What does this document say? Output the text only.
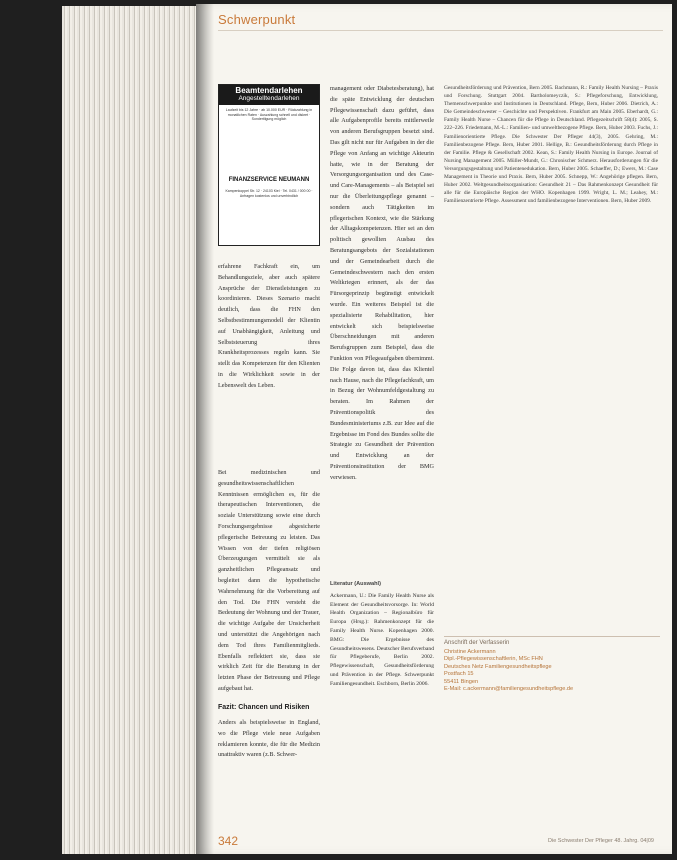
Schwerpunkt
Beamtendarlehen
Angestelltendarlehen
Laufzeit bis 12 Jahre · ab 10.000 EUR · Rückzahlung in monatlichen Raten · Auszahlung schnell und diskret · Sondertilgung möglich
FINANZSERVICE NEUMANN
Kampenkoppel Str. 12 · 24103 Kiel · Tel. 0431 / 000 00 · Anfragen kostenlos und unverbindlich
erfahrene Fachkraft ein, um Behandlungsziele, aber auch spätere Ansprüche der Dienstleistungen zu koordinieren. Dieses Szenario macht deutlich, dass die FHN den Selbstbestimmungsmodell der Klientin auf Unabhängigkeit, Anleitung und Selbststeuerung ihres Krankheitsprozesses regeln kann. Sie stellt das Kompetenzen für den Klienten in die Wirklichkeit sowie in der Lebenswelt des Leben.
Bei medizinischen und gesundheitswissenschaftlichen Kenntnissen ermöglichen es, für die therapeutischen Interventionen, die soziale Unterstützung sowie eine durch Forschungsergebnisse abgesicherte pflegerische Betreuung zu leisten. Das Wissen von der tiefen religiösen Überzeugungen vermittelt sie als ganzheitlichen Pflegeansatz und begleitet dann die hypothetische Wahrnehmung für die Vorbereitung auf den Tod. Die FHN versteht die Bedeutung der Wohnung und der Trauer, die wichtige Aufgabe der Unsicherheit und unterstützt die Angehörigen nach dem Tod ihres Familienmitglieds. Ebenfalls reflektiert sie, dass sie wirklich Zeit für die Beratung in der letzten Phase der Betreuung und Pflege aufgebaut hat.
Fazit: Chancen und Risiken
Anders als beispielsweise in England, wo die Pflege viele neue Aufgaben reklamieren konnte, die für die Medizin unattraktiv waren (z.B. Schwer-
management oder Diabetesberatung), hat die späte Entwicklung der deutschen Pflegewissenschaft dazu geführt, dass alle Aufgabenprofile bereits mittlerweile von anderen Berufsgruppen besetzt sind. Das gilt nicht nur für Aufgaben in der die Pflege von Anfang an wichtige Akteurin hatte, wie in der Beratung der Versorgungsorganisation und des Case- und Care-Managements – als Beispiel sei nur die Überleitungspflege genannt – sondern auch Tätigkeiten im pflegerischen Kontext, wie die Stärkung der Alltagskompetenzen. Hier sei an den politisch gewollten Ausbau des Beratungsangebots der Sozialstationen und der Gemeindearbeit durch die Gemeindeschwestern nach den ersten Weltkriegen erinnert, als der das Fürsorgeprinzip begünstigt entwickelt wurde. Ein weiteres Beispiel ist die spezialisierte Rehabilitation, hier entwickelt sich beispielsweise Überschneidungen mit anderen Berufsgruppen zum Beispiel, dass die Funktion von Pflegeaufgaben übernimmt. Die Folge davon ist, dass das Klientel nach Hause, nach die Pflegefachkraft, um in Bezug der Wohnumfeldgestaltung zu beraten. Im Rahmen der Präventionspolitik des Bundesministeriums z.B. zur Idee auf die Ergebnisse im Fond des Bundes sollte die Strategie zu Gesundheit der Prävention und Entwicklung an der Präventionsinstitution der BMG verwiesen.
Literatur (Auswahl)
Ackermann, U.: Die Family Health Nurse als Element der Gesundheitsvorsorge. In: World Health Organization – Regionalbüro für Europa (Hrsg.): Rahmenkonzept für die Family Health Nurse. Kopenhagen 2000. BMG: Die Ergebnisse des Gesundheitswesens. Deutscher Berufsverband für Pflegeberufe, Berlin 2002. Pflegewissenschaft, Gesundheitsförderung und Prävention in der Pflege. Schwerpunkt Familiengesundheit. Eschborn, Berlin 2006.
Gesundheitsförderung und Prävention, Bern 2005. Bachmann, R.: Family Health Nursing – Praxis und Forschung. Stuttgart 2004. Bartholomeyczik, S.: Pflegeforschung, Entwicklung, Themenschwerpunkte und Institutionen in Deutschland. Pflege, Bern, Huber 2006. Dietrich, A.: Die Gemeindeschwester – Geschichte und Perspektiven. Frankfurt am Main 2005. Eberhardt, G.: Family Health Nurse – Chancen für die Pflege in Deutschland. Pflegezeitschrift 58(4): 2005, S. 222–226. Friedemann, M.-L.: Familien- und umweltbezogene Pflege. Bern, Huber 2003. Fuchs, J.: Familienorientierte Pflege. Die Schwester Der Pfleger 44(3), 2005. Gehring, M.: Familienbezogene Pflege. Bern, Huber 2001. Hellige, B.: Gesundheitsförderung durch Pflege in der Familie. Pflege & Gesellschaft 2002. Kean, S.: Family Health Nursing in Europe. Journal of Nursing Management 2005. Müller-Mundt, G.: Chronischer Schmerz. Herausforderungen für die Versorgungsgestaltung und Patientenedukation. Bern, Huber 2005. Schaeffer, D.; Ewers, M.: Case Management in Theorie und Praxis. Bern, Huber 2005. Schnepp, W.: Angehörige pflegen. Bern, Huber 2002. Weltgesundheitsorganisation: Gesundheit 21 – Das Rahmenkonzept Gesundheit für alle für die Europäische Region der WHO. Kopenhagen 1999. Wright, L. M.; Leahey, M.: Familienzentrierte Pflege. Assessment und familienbezogene Interventionen. Bern, Huber 2009.
Anschrift der Verfasserin
Christine Ackermann
Dipl.-Pflegewissenschaftlerin, MSc FHN
Deutsches Netz Familiengesundheitspflege
Postfach 15
55411 Bingen
E-Mail: c.ackermann@familiengesundheitspflege.de
342	Die Schwester Der Pfleger 48. Jahrg. 04|09
